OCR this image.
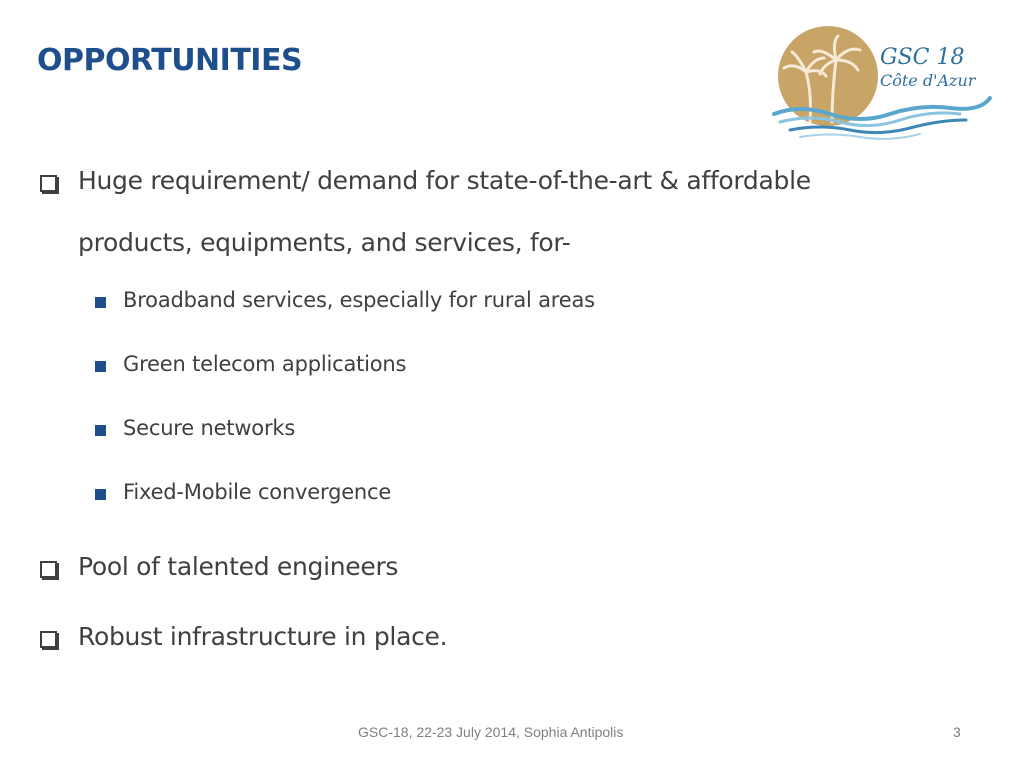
OPPORTUNITIES	GSC 18
Côte d'Azur
Huge requirement/ demand for state-of-the-art & affordable
products, equipments, and services, for-
Broadband services, especially for rural areas
Green telecom applications
Secure networks
Fixed-Mobile convergence
Pool of talented engineers
Robust infrastructure in place.
GSC-18, 22-23 July 2014, Sophia Antipolis	3
